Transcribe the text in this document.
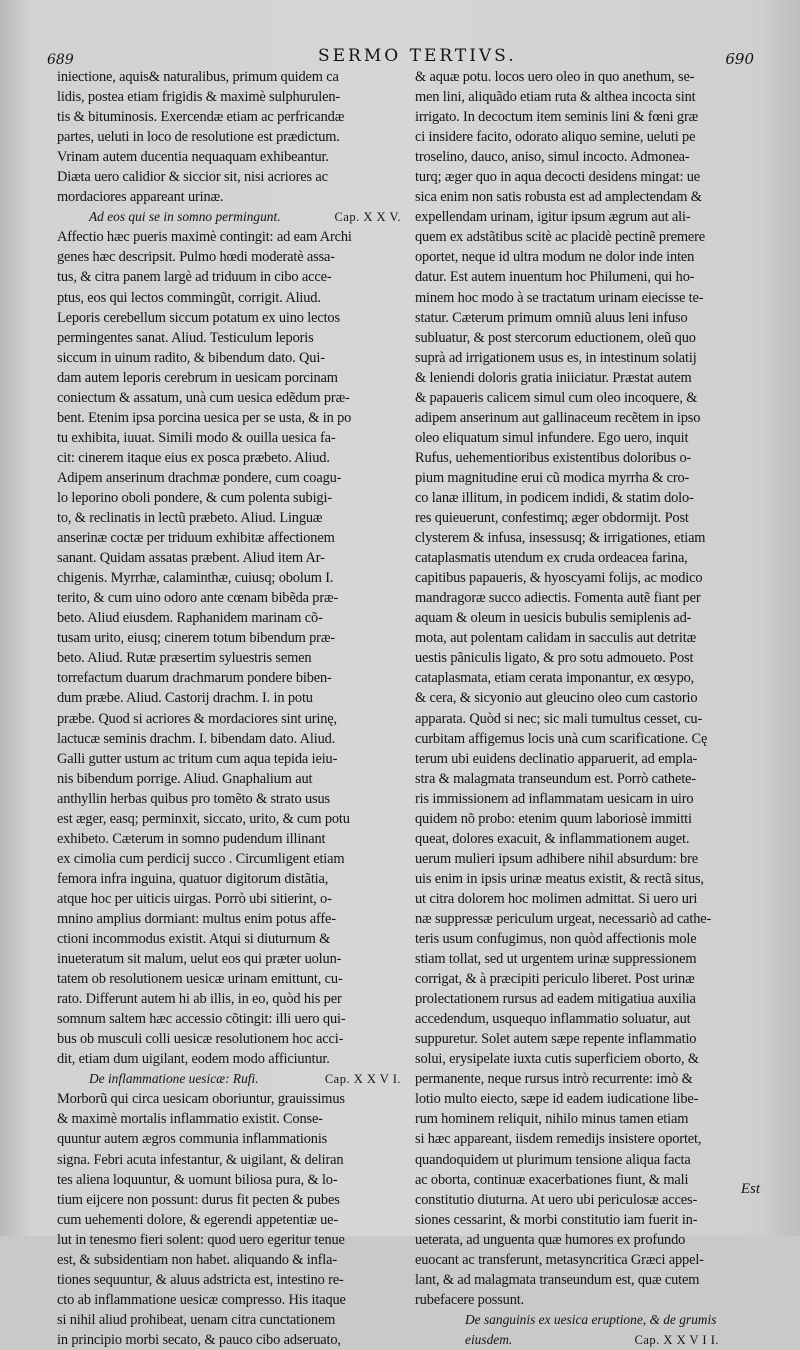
689	SERMO TERTIVS.	690
iniectione, aquis& naturalibus, primum quidem ca
lidis, postea etiam frigidis & maximè sulphurulen-
tis & bituminosis. Exercendæ etiam ac perfricandæ
partes, ueluti in loco de resolutione est prædictum.
Vrinam autem ducentia nequaquam exhibeantur.
Diæta uero calidior & siccior sit, nisi acriores ac
mordaciores appareant urinæ.
Cap. X X V.
Ad eos qui se in somno permingunt.
Affectio hæc pueris maximè contingit: ad eam Archi
genes hæc descripsit. Pulmo hœdi moderatè assa-
tus, & citra panem largè ad triduum in cibo acce-
ptus, eos qui lectos commingũt, corrigit. Aliud.
Leporis cerebellum siccum potatum ex uino lectos
permingentes sanat. Aliud. Testiculum leporis
siccum in uinum radito, & bibendum dato. Qui-
dam autem leporis cerebrum in uesicam porcinam
coniectum & assatum, unà cum uesica edẽdum præ-
bent. Etenim ipsa porcina uesica per se usta, & in po
tu exhibita, iuuat. Simili modo & ouilla uesica fa-
cit: cinerem itaque eius ex posca præbeto. Aliud.
Adipem anserinum drachmæ pondere, cum coagu-
lo leporino oboli pondere, & cum polenta subigi-
to, & reclinatis in lectũ præbeto. Aliud. Linguæ
anserinæ coctæ per triduum exhibitæ affectionem
sanant. Quidam assatas præbent. Aliud item Ar-
chigenis. Myrrhæ, calaminthæ, cuiusq; obolum I.
terito, & cum uino odoro ante cœnam bibẽda præ-
beto. Aliud eiusdem. Raphanidem marinam cõ-
tusam urito, eiusq; cinerem totum bibendum præ-
beto. Aliud. Rutæ præsertim syluestris semen
torrefactum duarum drachmarum pondere biben-
dum præbe. Aliud. Castorij drachm. I. in potu
præbe. Quod si acriores & mordaciores sint urinę,
lactucæ seminis drachm. I. bibendam dato. Aliud.
Galli gutter ustum ac tritum cum aqua tepida ieiu-
nis bibendum porrige. Aliud. Gnaphalium aut
anthyllin herbas quibus pro tomẽto & strato usus
est æger, easq; perminxit, siccato, urito, & cum potu
exhibeto. Cæterum in somno pudendum illinant
ex cimolia cum perdicij succo . Circumligent etiam
femora infra inguina, quatuor digitorum distãtia,
atque hoc per uiticis uirgas. Porrò ubi sitierint, o-
mnino amplius dormiant: multus enim potus affe-
ctioni incommodus existit. Atqui si diuturnum &
inueteratum sit malum, uelut eos qui præter uolun-
tatem ob resolutionem uesicæ urinam emittunt, cu-
rato. Differunt autem hi ab illis, in eo, quòd his per
somnum saltem hæc accessio cõtingit: illi uero qui-
bus ob musculi colli uesicæ resolutionem hoc acci-
dit, etiam dum uigilant, eodem modo afficiuntur.
Cap. X X V I.
De inflammatione uesicæ: Rufi.
Morborũ qui circa uesicam oboriuntur, grauissimus
& maximè mortalis inflammatio existit. Conse-
quuntur autem ægros communia inflammationis
signa. Febri acuta infestantur, & uigilant, & deliran
tes aliena loquuntur, & uomunt biliosa pura, & lo-
tium eijcere non possunt: durus fit pecten & pubes
cum uehementi dolore, & egerendi appetentiæ ue-
lut in tenesmo fieri solent: quod uero egeritur tenue
est, & subsidentiam non habet. aliquando & infla-
tiones sequuntur, & aluus adstricta est, intestino re-
cto ab inflammatione uesicæ compresso. His itaque
si nihil aliud prohibeat, uenam citra cunctationem
in principio morbi secato, & pauco cibo adseruato,
& aquæ potu. locos uero oleo in quo anethum, se-
men lini, aliquãdo etiam ruta & althea incocta sint
irrigato. In decoctum item seminis lini & fœni græ
ci insidere facito, odorato aliquo semine, ueluti pe
troselino, dauco, aniso, simul incocto. Admonea-
turq; æger quo in aqua decocti desidens mingat: ue
sica enim non satis robusta est ad amplectendam &
expellendam urinam, igitur ipsum ægrum aut ali-
quem ex adstãtibus scitè ac placidè pectinẽ premere
oportet, neque id ultra modum ne dolor inde inten
datur. Est autem inuentum hoc Philumeni, qui ho-
minem hoc modo à se tractatum urinam eiecisse te-
statur. Cæterum primum omniũ aluus leni infuso
subluatur, & post stercorum eductionem, oleũ quo
suprà ad irrigationem usus es, in intestinum solatij
& leniendi doloris gratia iniiciatur. Præstat autem
& papaueris calicem simul cum oleo incoquere, &
adipem anserinum aut gallinaceum recẽtem in ipso
oleo eliquatum simul infundere. Ego uero, inquit
Rufus, uehementioribus existentibus doloribus o-
pium magnitudine erui cũ modica myrrha & cro-
co lanæ illitum, in podicem indidi, & statim dolo-
res quieuerunt, confestimq; æger obdormijt. Post
clysterem & infusa, insessusq; & irrigationes, etiam
cataplasmatis utendum ex cruda ordeacea farina,
capitibus papaueris, & hyoscyami folijs, ac modico
mandragoræ succo adiectis. Fomenta autẽ fiant per
aquam & oleum in uesicis bubulis semiplenis ad-
mota, aut polentam calidam in sacculis aut detritæ
uestis pãniculis ligato, & pro sotu admoueto. Post
cataplasmata, etiam cerata imponantur, ex œsypo,
& cera, & sicyonio aut gleucino oleo cum castorio
apparata. Quòd si nec; sic mali tumultus cesset, cu-
curbitam affigemus locis unà cum scarificatione. Cę
terum ubi euidens declinatio apparuerit, ad empla-
stra & malagmata transeundum est. Porrò cathete-
ris immissionem ad inflammatam uesicam in uiro
quidem nõ probo: etenim quum laboriosè immitti
queat, dolores exacuit, & inflammationem auget.
uerum mulieri ipsum adhibere nihil absurdum: bre
uis enim in ipsis urinæ meatus existit, & rectã situs,
ut citra dolorem hoc molimen admittat. Si uero uri
næ suppressæ periculum urgeat, necessariò ad cathe-
teris usum confugimus, non quòd affectionis mole
stiam tollat, sed ut urgentem urinæ suppressionem
corrigat, & à præcipiti periculo liberet. Post urinæ
prolectationem rursus ad eadem mitigatiua auxilia
accedendum, usquequo inflammatio soluatur, aut
suppuretur. Solet autem sæpe repente inflammatio
solui, erysipelate iuxta cutis superficiem oborto, &
permanente, neque rursus intrò recurrente: imò &
lotio multo eiecto, sæpe id eadem iudicatione libe-
rum hominem reliquit, nihilo minus tamen etiam
si hæc appareant, iisdem remedijs insistere oportet,
quandoquidem ut plurimum tensione aliqua facta
ac oborta, continuæ exacerbationes fiunt, & mali
constitutio diuturna. At uero ubi periculosæ acces-
siones cessarint, & morbi constitutio iam fuerit in-
ueterata, ad unguenta quæ humores ex profundo
euocant ac transferunt, metasyncritica Græci appel-
lant, & ad malagmata transeundum est, quæ cutem
rubefacere possunt.
De sanguinis ex uesica eruptione, & de grumis
Cap. X X V I I.
eiusdem.
Est
